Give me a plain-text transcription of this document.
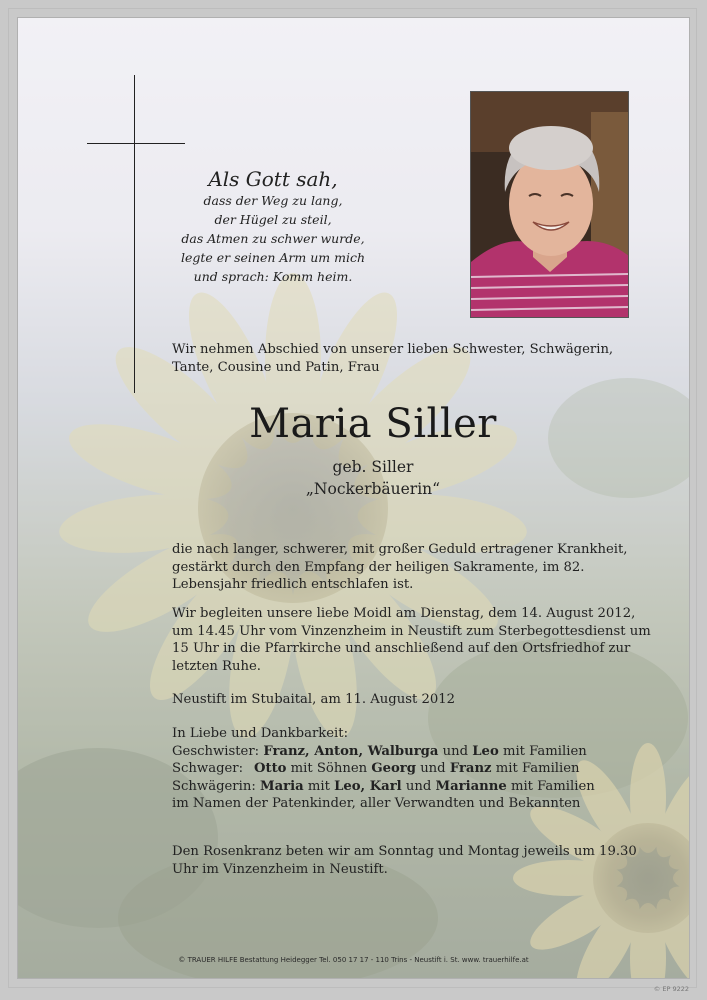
Als Gott sah,
dass der Weg zu lang,
der Hügel zu steil,
das Atmen zu schwer wurde,
legte er seinen Arm um mich
und sprach: Komm heim.
Wir nehmen Abschied von unserer lieben Schwester, Schwägerin, Tante, Cousine und Patin, Frau
Maria Siller
geb. Siller
„Nockerbäuerin“
die nach langer, schwerer, mit großer Geduld ertragener Krankheit, gestärkt durch den Empfang der heiligen Sakramente, im 82. Lebensjahr friedlich entschlafen ist.
Wir begleiten unsere liebe Moidl am Dienstag, dem 14. August 2012, um 14.45 Uhr vom Vinzenzheim in Neustift zum Sterbegottesdienst um 15 Uhr in die Pfarrkirche und anschließend auf den Ortsfriedhof zur letzten Ruhe.
Neustift im Stubaital, am 11. August 2012
In Liebe und Dankbarkeit:
Geschwister: Franz, Anton, Walburga und Leo mit Familien
Schwager: Otto mit Söhnen Georg und Franz mit Familien
Schwägerin: Maria mit Leo, Karl und Marianne mit Familien
im Namen der Patenkinder, aller Verwandten und Bekannten
Den Rosenkranz beten wir am Sonntag und Montag jeweils um 19.30 Uhr im Vinzenzheim in Neustift.
© TRAUER HILFE Bestattung Heidegger Tel. 050 17 17 - 110 Trins - Neustift i. St. www. trauerhilfe.at
© EP 9222
